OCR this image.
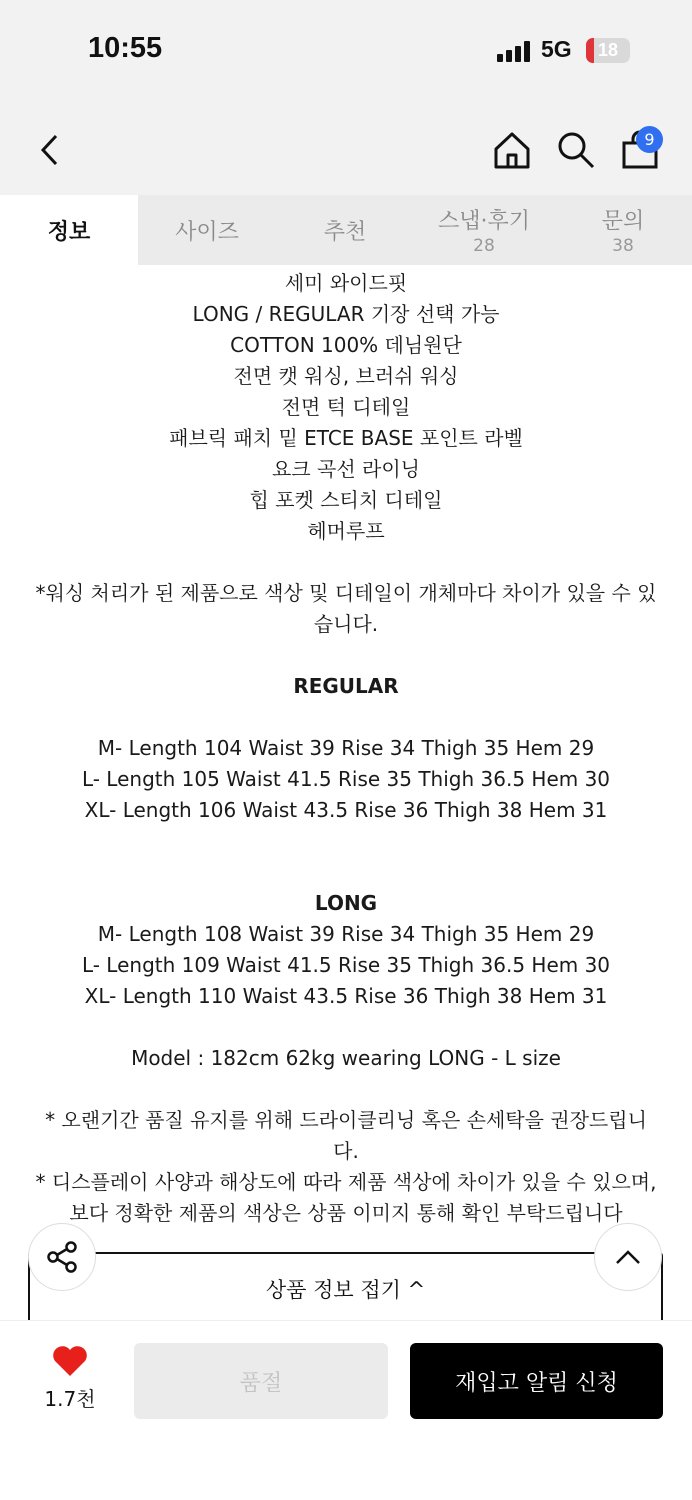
10:55	5G	18
9
정보	사이즈	추천	스냅·후기
28
문의
38
세미 와이드핏
LONG / REGULAR 기장 선택 가능
COTTON 100% 데님원단
전면 캣 워싱, 브러쉬 워싱
전면 턱 디테일
패브릭 패치 밑 ETCE BASE 포인트 라벨
요크 곡선 라이닝
힙 포켓 스티치 디테일
헤머루프
*워싱 처리가 된 제품으로 색상 및 디테일이 개체마다 차이가 있을 수 있
습니다.
REGULAR
M- Length 104 Waist 39 Rise 34 Thigh 35 Hem 29
L- Length 105 Waist 41.5 Rise 35 Thigh 36.5 Hem 30
XL- Length 106 Waist 43.5 Rise 36 Thigh 38 Hem 31
LONG
M- Length 108 Waist 39 Rise 34 Thigh 35 Hem 29
L- Length 109 Waist 41.5 Rise 35 Thigh 36.5 Hem 30
XL- Length 110 Waist 43.5 Rise 36 Thigh 38 Hem 31
Model : 182cm 62kg wearing LONG - L size
* 오랜기간 품질 유지를 위해 드라이클리닝 혹은 손세탁을 권장드립니
다.
* 디스플레이 사양과 해상도에 따라 제품 색상에 차이가 있을 수 있으며,
보다 정확한 제품의 색상은 상품 이미지 통해 확인 부탁드립니다
상품 정보 접기 ^
1.7천
품절	재입고 알림 신청
